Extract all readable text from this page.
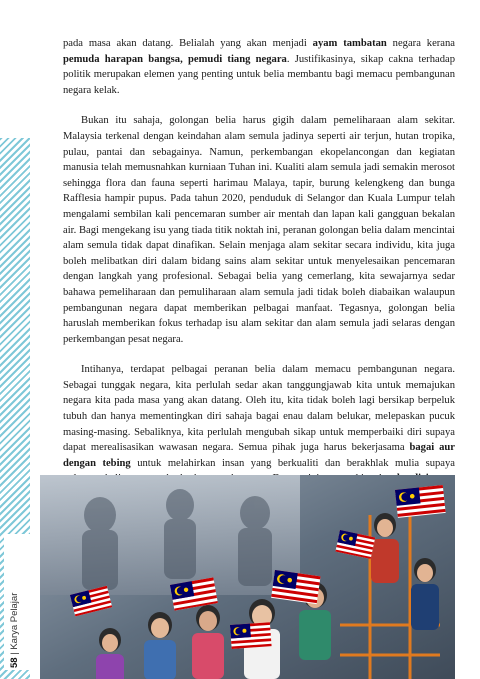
58 | Karya Pelajar

pada masa akan datang. Belialah yang akan menjadi ayam tambatan negara kerana pemuda harapan bangsa, pemudi tiang negara. Justifikasinya, sikap cakna terhadap politik merupakan elemen yang penting untuk belia membantu bagi memacu pembangunan negara kelak.

Bukan itu sahaja, golongan belia harus gigih dalam pemeliharaan alam sekitar. Malaysia terkenal dengan keindahan alam semula jadinya seperti air terjun, hutan tropika, pulau, pantai dan sebagainya. Namun, perkembangan ekopelancongan dan kegiatan manusia telah memusnahkan kurniaan Tuhan ini. Kualiti alam semula jadi semakin merosot sehingga flora dan fauna seperti harimau Malaya, tapir, burung kelengkeng dan bunga Rafflesia hampir pupus. Pada tahun 2020, penduduk di Selangor dan Kuala Lumpur telah mengalami sembilan kali pencemaran sumber air mentah dan lapan kali gangguan bekalan air. Bagi mengekang isu yang tiada titik noktah ini, peranan golongan belia dalam mencintai alam semula tidak dapat dinafikan. Selain menjaga alam sekitar secara individu, kita juga boleh melibatkan diri dalam bidang sains alam sekitar untuk menyelesaikan pencemaran dengan langkah yang profesional. Sebagai belia yang cemerlang, kita sewajarnya sedar bahawa pemeliharaan dan pemuliharaan alam semula jadi tidak boleh diabaikan walaupun pembangunan negara dapat memberikan pelbagai manfaat. Tegasnya, golongan belia haruslah memberikan fokus terhadap isu alam sekitar dan alam semula jadi selaras dengan perkembangan pesat negara.

Intihanya, terdapat pelbagai peranan belia dalam memacu pembangunan negara. Sebagai tunggak negara, kita perlulah sedar akan tanggungjawab kita untuk memajukan negara kita pada masa yang akan datang. Oleh itu, kita tidak boleh lagi bersikap berpeluk tubuh dan hanya mementingkan diri sahaja bagai enau dalam belukar, melepaskan pucuk masing-masing. Sebaliknya, kita perlulah mengubah sikap untuk memperbaiki diri supaya dapat merealisasikan wawasan negara. Semua pihak juga harus bekerjasama bagai aur dengan tebing untuk melahirkan insan yang berkualiti dan berakhlak mulia supaya
